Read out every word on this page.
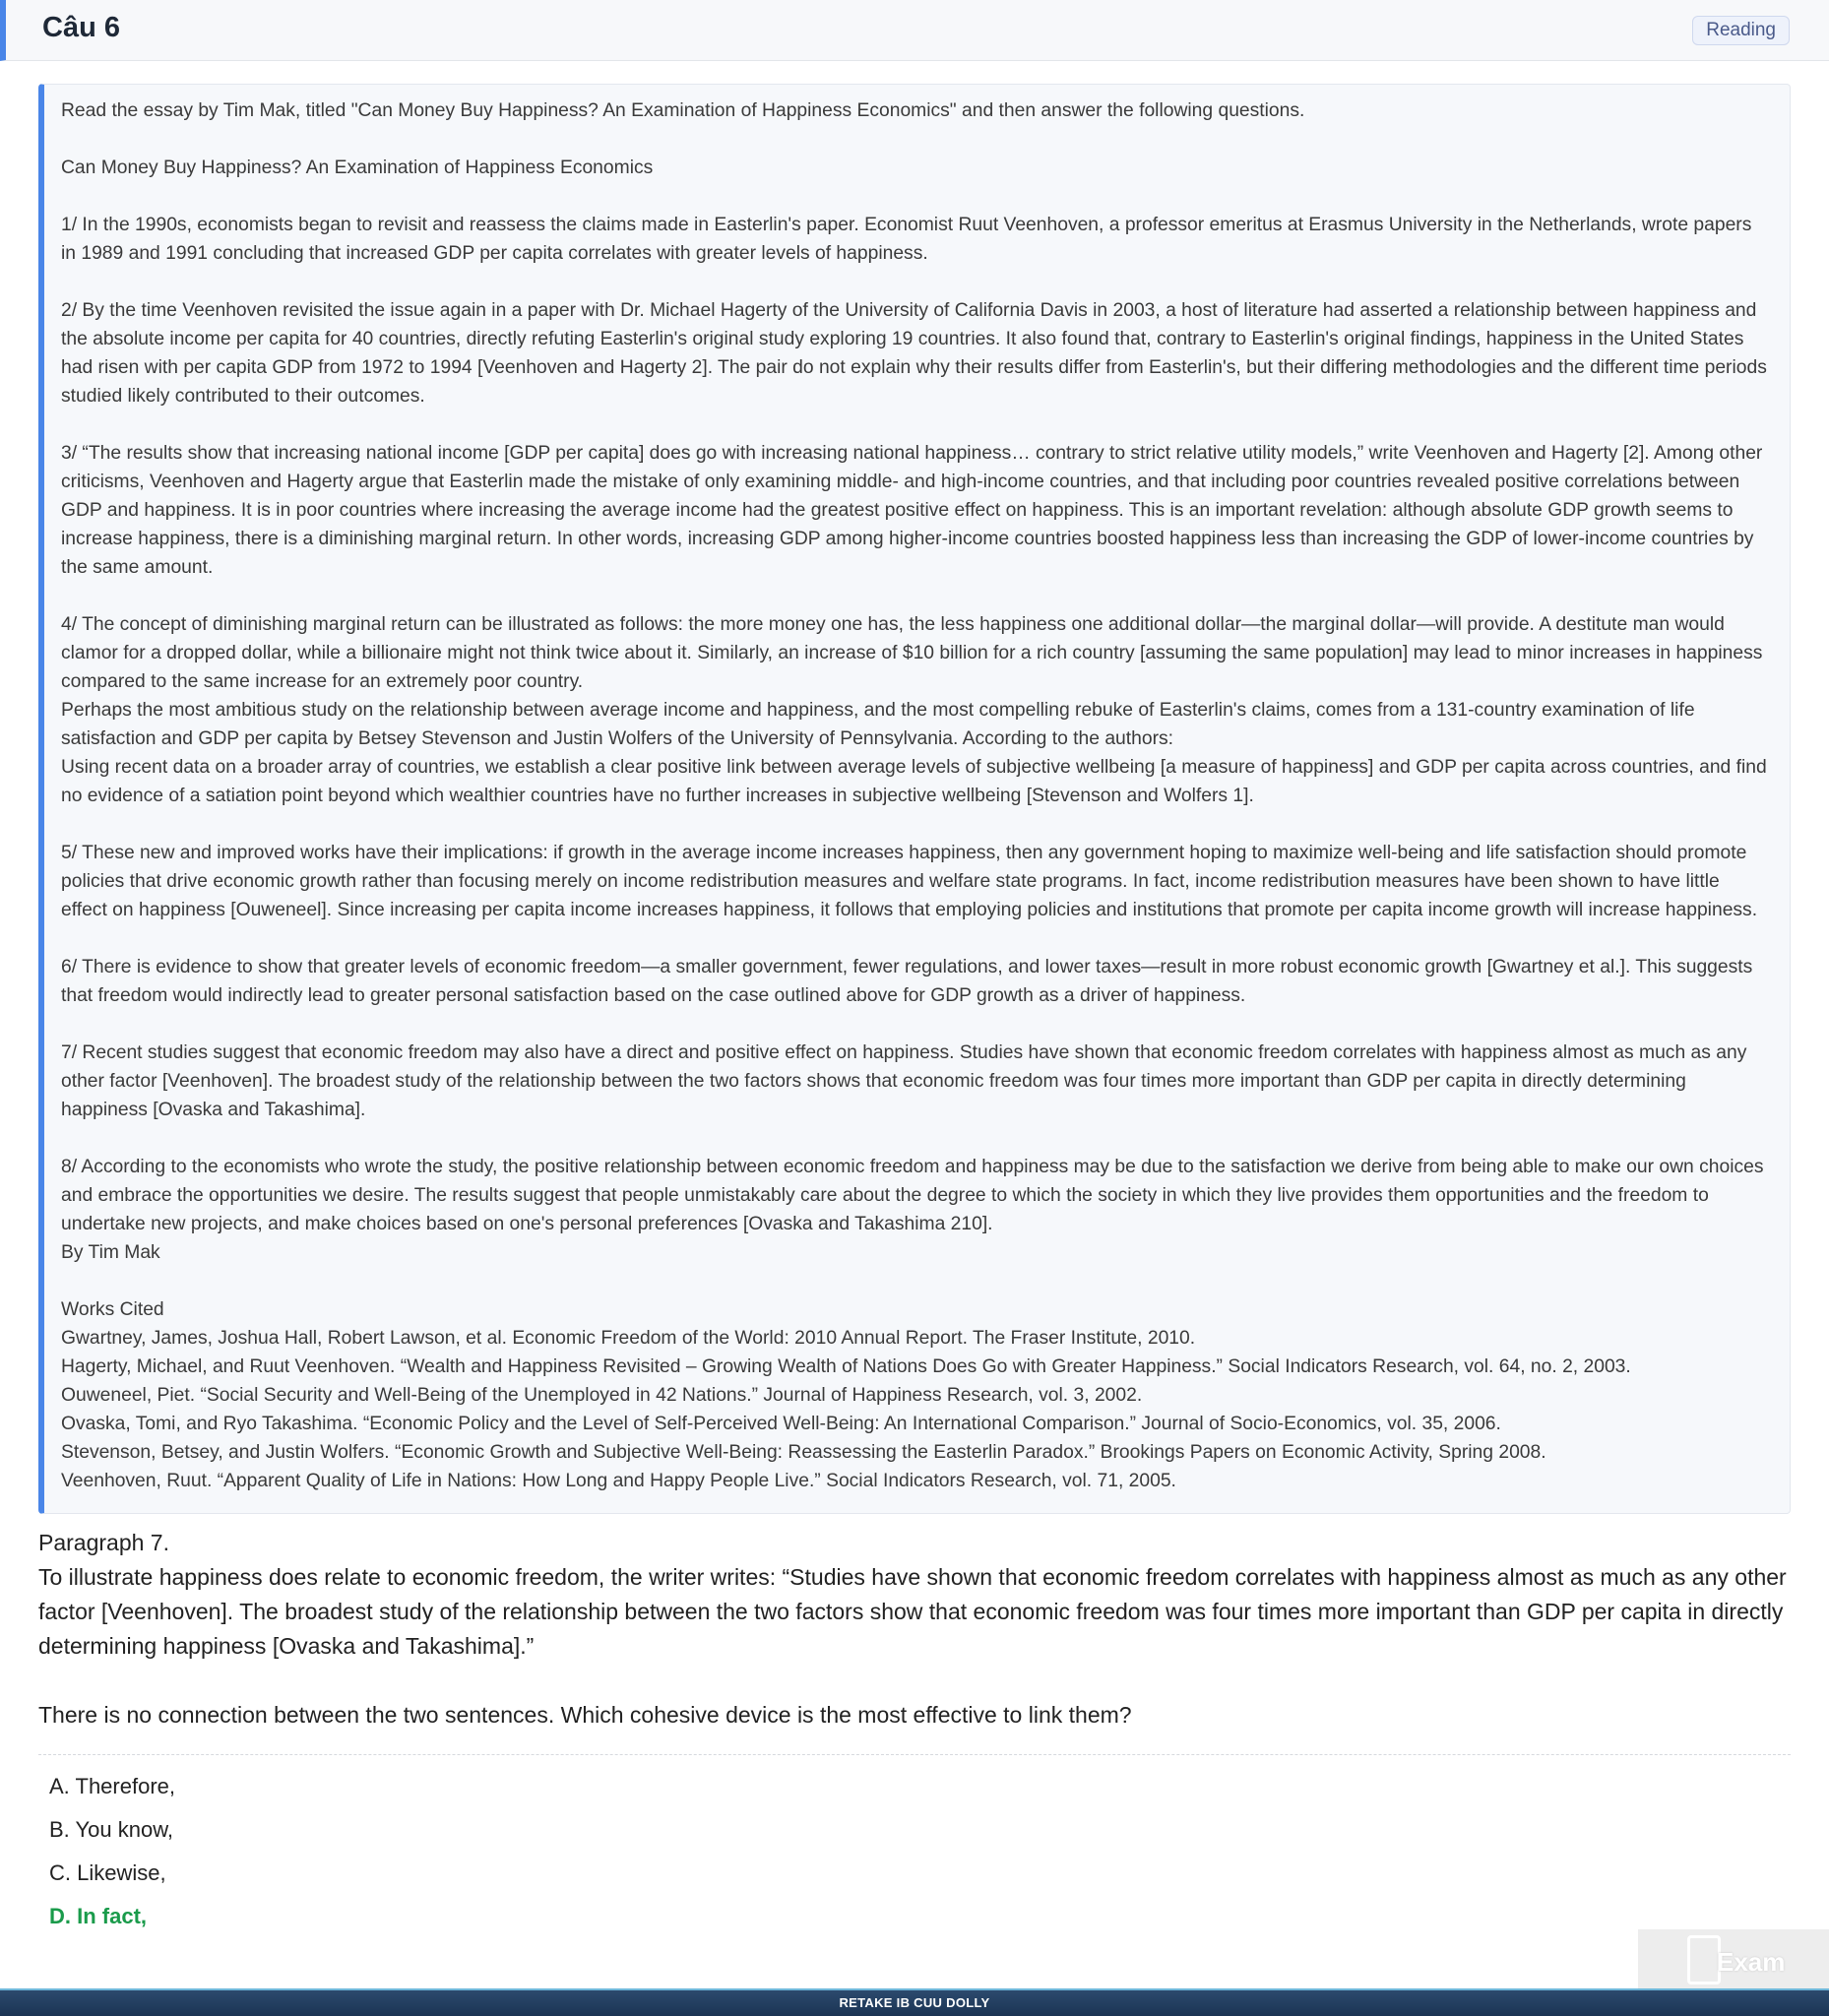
Câu 6	Reading

Read the essay by Tim Mak, titled "Can Money Buy Happiness? An Examination of Happiness Economics" and then answer the following questions.

Can Money Buy Happiness? An Examination of Happiness Economics

1/ In the 1990s, economists began to revisit and reassess the claims made in Easterlin's paper. Economist Ruut Veenhoven, a professor emeritus at Erasmus University in the Netherlands, wrote papers in 1989 and 1991 concluding that increased GDP per capita correlates with greater levels of happiness.

2/ By the time Veenhoven revisited the issue again in a paper with Dr. Michael Hagerty of the University of California Davis in 2003, a host of literature had asserted a relationship between happiness and the absolute income per capita for 40 countries, directly refuting Easterlin's original study exploring 19 countries. It also found that, contrary to Easterlin's original findings, happiness in the United States had risen with per capita GDP from 1972 to 1994 [Veenhoven and Hagerty 2]. The pair do not explain why their results differ from Easterlin's, but their differing methodologies and the different time periods studied likely contributed to their outcomes.

3/ “The results show that increasing national income [GDP per capita] does go with increasing national happiness… contrary to strict relative utility models,” write Veenhoven and Hagerty [2]. Among other criticisms, Veenhoven and Hagerty argue that Easterlin made the mistake of only examining middle- and high-income countries, and that including poor countries revealed positive correlations between GDP and happiness. It is in poor countries where increasing the average income had the greatest positive effect on happiness. This is an important revelation: although absolute GDP growth seems to increase happiness, there is a diminishing marginal return. In other words, increasing GDP among higher-income countries boosted happiness less than increasing the GDP of lower-income countries by the same amount.

4/ The concept of diminishing marginal return can be illustrated as follows: the more money one has, the less happiness one additional dollar—the marginal dollar—will provide. A destitute man would clamor for a dropped dollar, while a billionaire might not think twice about it. Similarly, an increase of $10 billion for a rich country [assuming the same population] may lead to minor increases in happiness compared to the same increase for an extremely poor country.

Perhaps the most ambitious study on the relationship between average income and happiness, and the most compelling rebuke of Easterlin's claims, comes from a 131-country examination of life satisfaction and GDP per capita by Betsey Stevenson and Justin Wolfers of the University of Pennsylvania. According to the authors:

Using recent data on a broader array of countries, we establish a clear positive link between average levels of subjective wellbeing [a measure of happiness] and GDP per capita across countries, and find no evidence of a satiation point beyond which wealthier countries have no further increases in subjective wellbeing [Stevenson and Wolfers 1].

5/ These new and improved works have their implications: if growth in the average income increases happiness, then any government hoping to maximize well-being and life satisfaction should promote policies that drive economic growth rather than focusing merely on income redistribution measures and welfare state programs. In fact, income redistribution measures have been shown to have little effect on happiness [Ouweneel]. Since increasing per capita income increases happiness, it follows that employing policies and institutions that promote per capita income growth will increase happiness.

6/ There is evidence to show that greater levels of economic freedom—a smaller government, fewer regulations, and lower taxes—result in more robust economic growth [Gwartney et al.]. This suggests that freedom would indirectly lead to greater personal satisfaction based on the case outlined above for GDP growth as a driver of happiness.

7/ Recent studies suggest that economic freedom may also have a direct and positive effect on happiness. Studies have shown that economic freedom correlates with happiness almost as much as any other factor [Veenhoven]. The broadest study of the relationship between the two factors shows that economic freedom was four times more important than GDP per capita in directly determining happiness [Ovaska and Takashima].

8/ According to the economists who wrote the study, the positive relationship between economic freedom and happiness may be due to the satisfaction we derive from being able to make our own choices and embrace the opportunities we desire. The results suggest that people unmistakably care about the degree to which the society in which they live provides them opportunities and the freedom to undertake new projects, and make choices based on one's personal preferences [Ovaska and Takashima 210].

By Tim Mak

Works Cited

Gwartney, James, Joshua Hall, Robert Lawson, et al. Economic Freedom of the World: 2010 Annual Report. The Fraser Institute, 2010.

Hagerty, Michael, and Ruut Veenhoven. “Wealth and Happiness Revisited – Growing Wealth of Nations Does Go with Greater Happiness.” Social Indicators Research, vol. 64, no. 2, 2003.

Ouweneel, Piet. “Social Security and Well-Being of the Unemployed in 42 Nations.” Journal of Happiness Research, vol. 3, 2002.

Ovaska, Tomi, and Ryo Takashima. “Economic Policy and the Level of Self-Perceived Well-Being: An International Comparison.” Journal of Socio-Economics, vol. 35, 2006.

Stevenson, Betsey, and Justin Wolfers. “Economic Growth and Subjective Well-Being: Reassessing the Easterlin Paradox.” Brookings Papers on Economic Activity, Spring 2008.

Veenhoven, Ruut. “Apparent Quality of Life in Nations: How Long and Happy People Live.” Social Indicators Research, vol. 71, 2005.

Paragraph 7.

To illustrate happiness does relate to economic freedom, the writer writes: “Studies have shown that economic freedom correlates with happiness almost as much as any other factor [Veenhoven]. The broadest study of the relationship between the two factors show that economic freedom was four times more important than GDP per capita in directly determining happiness [Ovaska and Takashima].”

There is no connection between the two sentences. Which cohesive device is the most effective to link them?

A. Therefore,
B. You know,
C. Likewise,
D. In fact,
Exam
RETAKE IB CUU DOLLY
